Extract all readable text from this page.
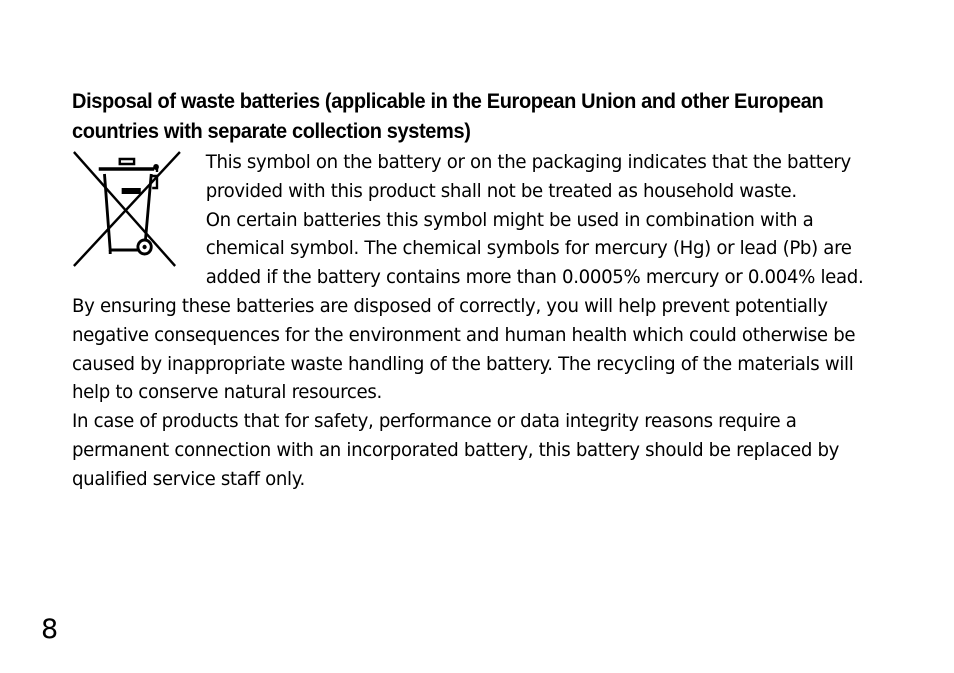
Disposal of waste batteries (applicable in the European Union and other European countries with separate collection systems)

This symbol on the battery or on the packaging indicates that the battery provided with this product shall not be treated as household waste.

On certain batteries this symbol might be used in combination with a chemical symbol. The chemical symbols for mercury (Hg) or lead (Pb) are added if the battery contains more than 0.0005% mercury or 0.004% lead.

By ensuring these batteries are disposed of correctly, you will help prevent potentially negative consequences for the environment and human health which could otherwise be caused by inappropriate waste handling of the battery. The recycling of the materials will help to conserve natural resources.

In case of products that for safety, performance or data integrity reasons require a permanent connection with an incorporated battery, this battery should be replaced by qualified service staff only.

8
